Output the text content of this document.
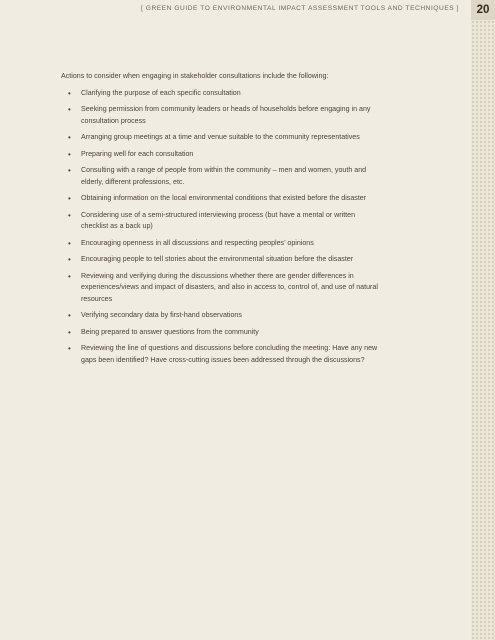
20
[ GREEN GUIDE TO ENVIRONMENTAL IMPACT ASSESSMENT TOOLS AND TECHNIQUES ]

Actions to consider when engaging in stakeholder consultations include the following:

• Clarifying the purpose of each specific consultation
• Seeking permission from community leaders or heads of households before engaging in any consultation process
• Arranging group meetings at a time and venue suitable to the community representatives
• Preparing well for each consultation
• Consulting with a range of people from within the community – men and women, youth and elderly, different professions, etc.
• Obtaining information on the local environmental conditions that existed before the disaster
• Considering use of a semi-structured interviewing process (but have a mental or written checklist as a back up)
• Encouraging openness in all discussions and respecting peoples’ opinions
• Encouraging people to tell stories about the environmental situation before the disaster
• Reviewing and verifying during the discussions whether there are gender differences in experiences/views and impact of disasters, and also in access to, control of, and use of natural resources
• Verifying secondary data by first-hand observations
• Being prepared to answer questions from the community
• Reviewing the line of questions and discussions before concluding the meeting: Have any new gaps been identified? Have cross-cutting issues been addressed through the discussions?
